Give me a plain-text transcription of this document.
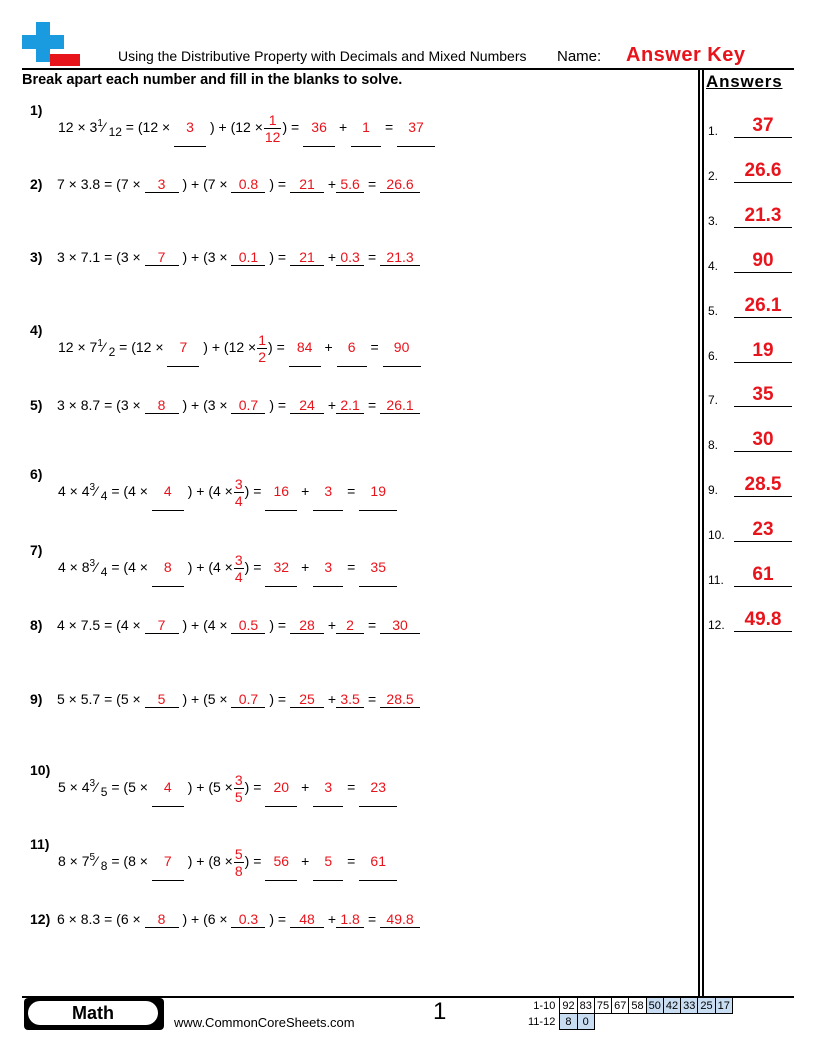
Using the Distributive Property with Decimals and Mixed Numbers Name: Answer Key
Break apart each number and fill in the blanks to solve.	Answers
1)
$12 \times 3^1⁄$ $_{12}$ = (12 × 3 ) + ($12 \times \frac{1}{12}$ ) = 36 + 1 = 37
2) 7 × 3.8 = (7 × 3 ) + (7 × 0.8 ) = 21 + 5.6 = 26.6
3) 3 × 7.1 = (3 × 7 ) + (3 × 0.1 ) = 21 + 0.3 = 21.3
4)
$12 \times 7^1⁄$ $_2$ = (12 × 7 ) + ($12 \times \frac{1}{2}$ ) = 84 + 6 = 90
5) 3 × 8.7 = (3 × 8 ) + (3 × 0.7 ) = 24 + 2.1 = 26.1
6)
$4 \times 4^3⁄$ $_4$ = (4 × 4 ) + ($4 \times \frac{3}{4}$ ) = 16 + 3 = 19
7)
$4 \times 8^3⁄$ $_4$ = (4 × 8 ) + ($4 \times \frac{3}{4}$ ) = 32 + 3 = 35
8) 4 × 7.5 = (4 × 7 ) + (4 × 0.5 ) = 28 + 2 = 30
9) 5 × 5.7 = (5 × 5 ) + (5 × 0.7 ) = 25 + 3.5 = 28.5
10)
$5 \times 4^3⁄$ $_5$ = (5 × 4 ) + ($5 \times \frac{3}{5}$ ) = 20 + 3 = 23
11)
$8 \times 7^5⁄$ $_8$ = (8 × 7 ) + ($8 \times \frac{5}{8}$ ) = 56 + 5 = 61
12) 6 × 8.3 = (6 × 8 ) + (6 × 0.3 ) = 48 + 1.8 = 49.8
1.	37
2.	26.6
3.	21.3
4.	90
5.	26.1
6.	19
7.	35
8.	30
9.	28.5
10.	23
11.	61
12.	49.8
Math	www.CommonCoreSheets.com	1	1-10	92	83	75	67	58	50	42	33	25	17
11-12	8	0								
